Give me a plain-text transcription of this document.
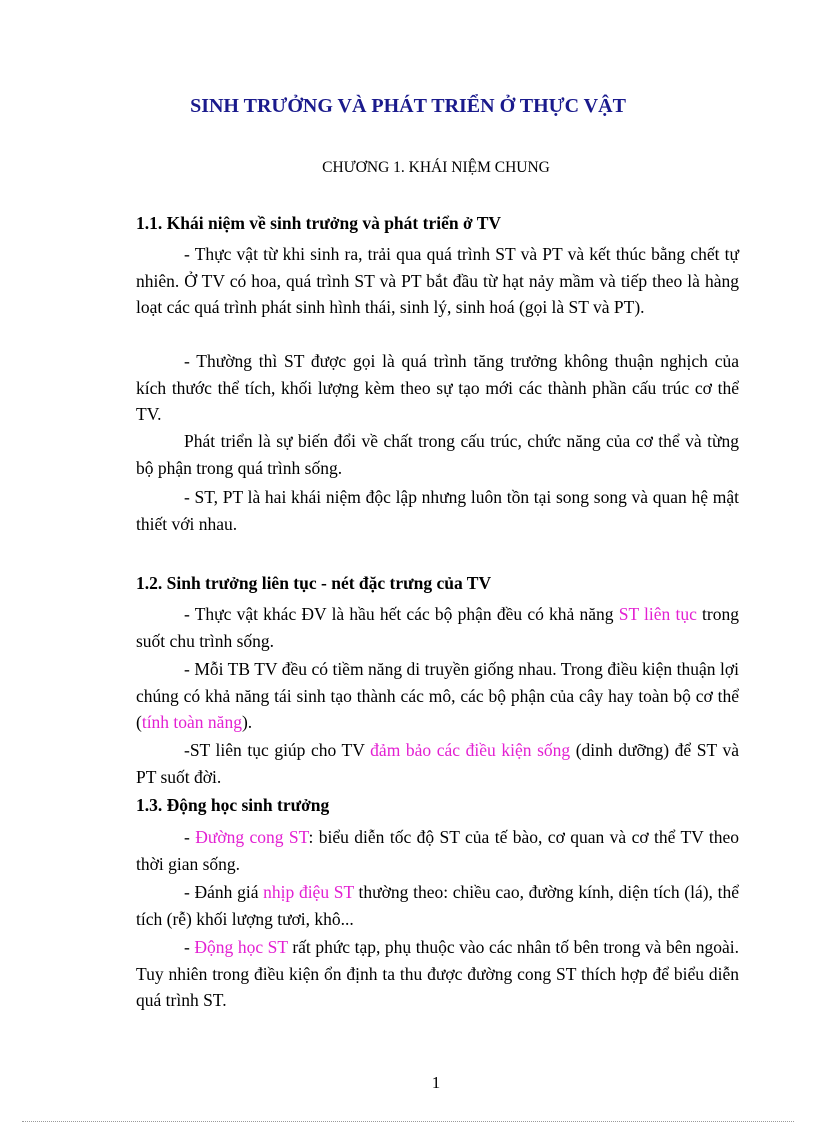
SINH TRƯỞNG VÀ PHÁT TRIỂN Ở THỰC VẬT

CHƯƠNG 1. KHÁI NIỆM CHUNG

1.1. Khái niệm về sinh trưởng và phát triển ở TV

- Thực vật từ khi sinh ra, trải qua quá trình ST và PT và kết thúc bằng chết tự nhiên. Ở TV có hoa, quá trình ST và PT bắt đầu từ hạt nảy mầm và tiếp theo là hàng loạt các quá trình phát sinh hình thái, sinh lý, sinh hoá (gọi là ST và PT).

- Thường thì ST được gọi là quá trình tăng trưởng không thuận nghịch của kích thước thể tích, khối lượng kèm theo sự tạo mới các thành phần cấu trúc cơ thể TV.

Phát triển là sự biến đổi về chất trong cấu trúc, chức năng của cơ thể và từng bộ phận trong quá trình sống.

- ST, PT là hai khái niệm độc lập nhưng luôn tồn tại song song và quan hệ mật thiết với nhau.

1.2. Sinh trưởng liên tục - nét đặc trưng của TV

- Thực vật khác ĐV là hầu hết các bộ phận đều có khả năng ST liên tục trong suốt chu trình sống.

- Mỗi TB TV đều có tiềm năng di truyền giống nhau. Trong điều kiện thuận lợi chúng có khả năng tái sinh tạo thành các mô, các bộ phận của cây hay toàn bộ cơ thể (tính toàn năng).

-ST liên tục giúp cho TV đảm bảo các điều kiện sống (dinh dưỡng) để ST và PT suốt đời.

1.3. Động học sinh trưởng

- Đường cong ST: biểu diễn tốc độ ST của tế bào, cơ quan và cơ thể TV theo thời gian sống.

- Đánh giá nhịp điệu ST thường theo: chiều cao, đường kính, diện tích (lá), thể tích (rễ) khối lượng tươi, khô...

- Động học ST rất phức tạp, phụ thuộc vào các nhân tố bên trong và bên ngoài. Tuy nhiên trong điều kiện ổn định ta thu được đường cong ST thích hợp để biểu diễn quá trình ST.

1
